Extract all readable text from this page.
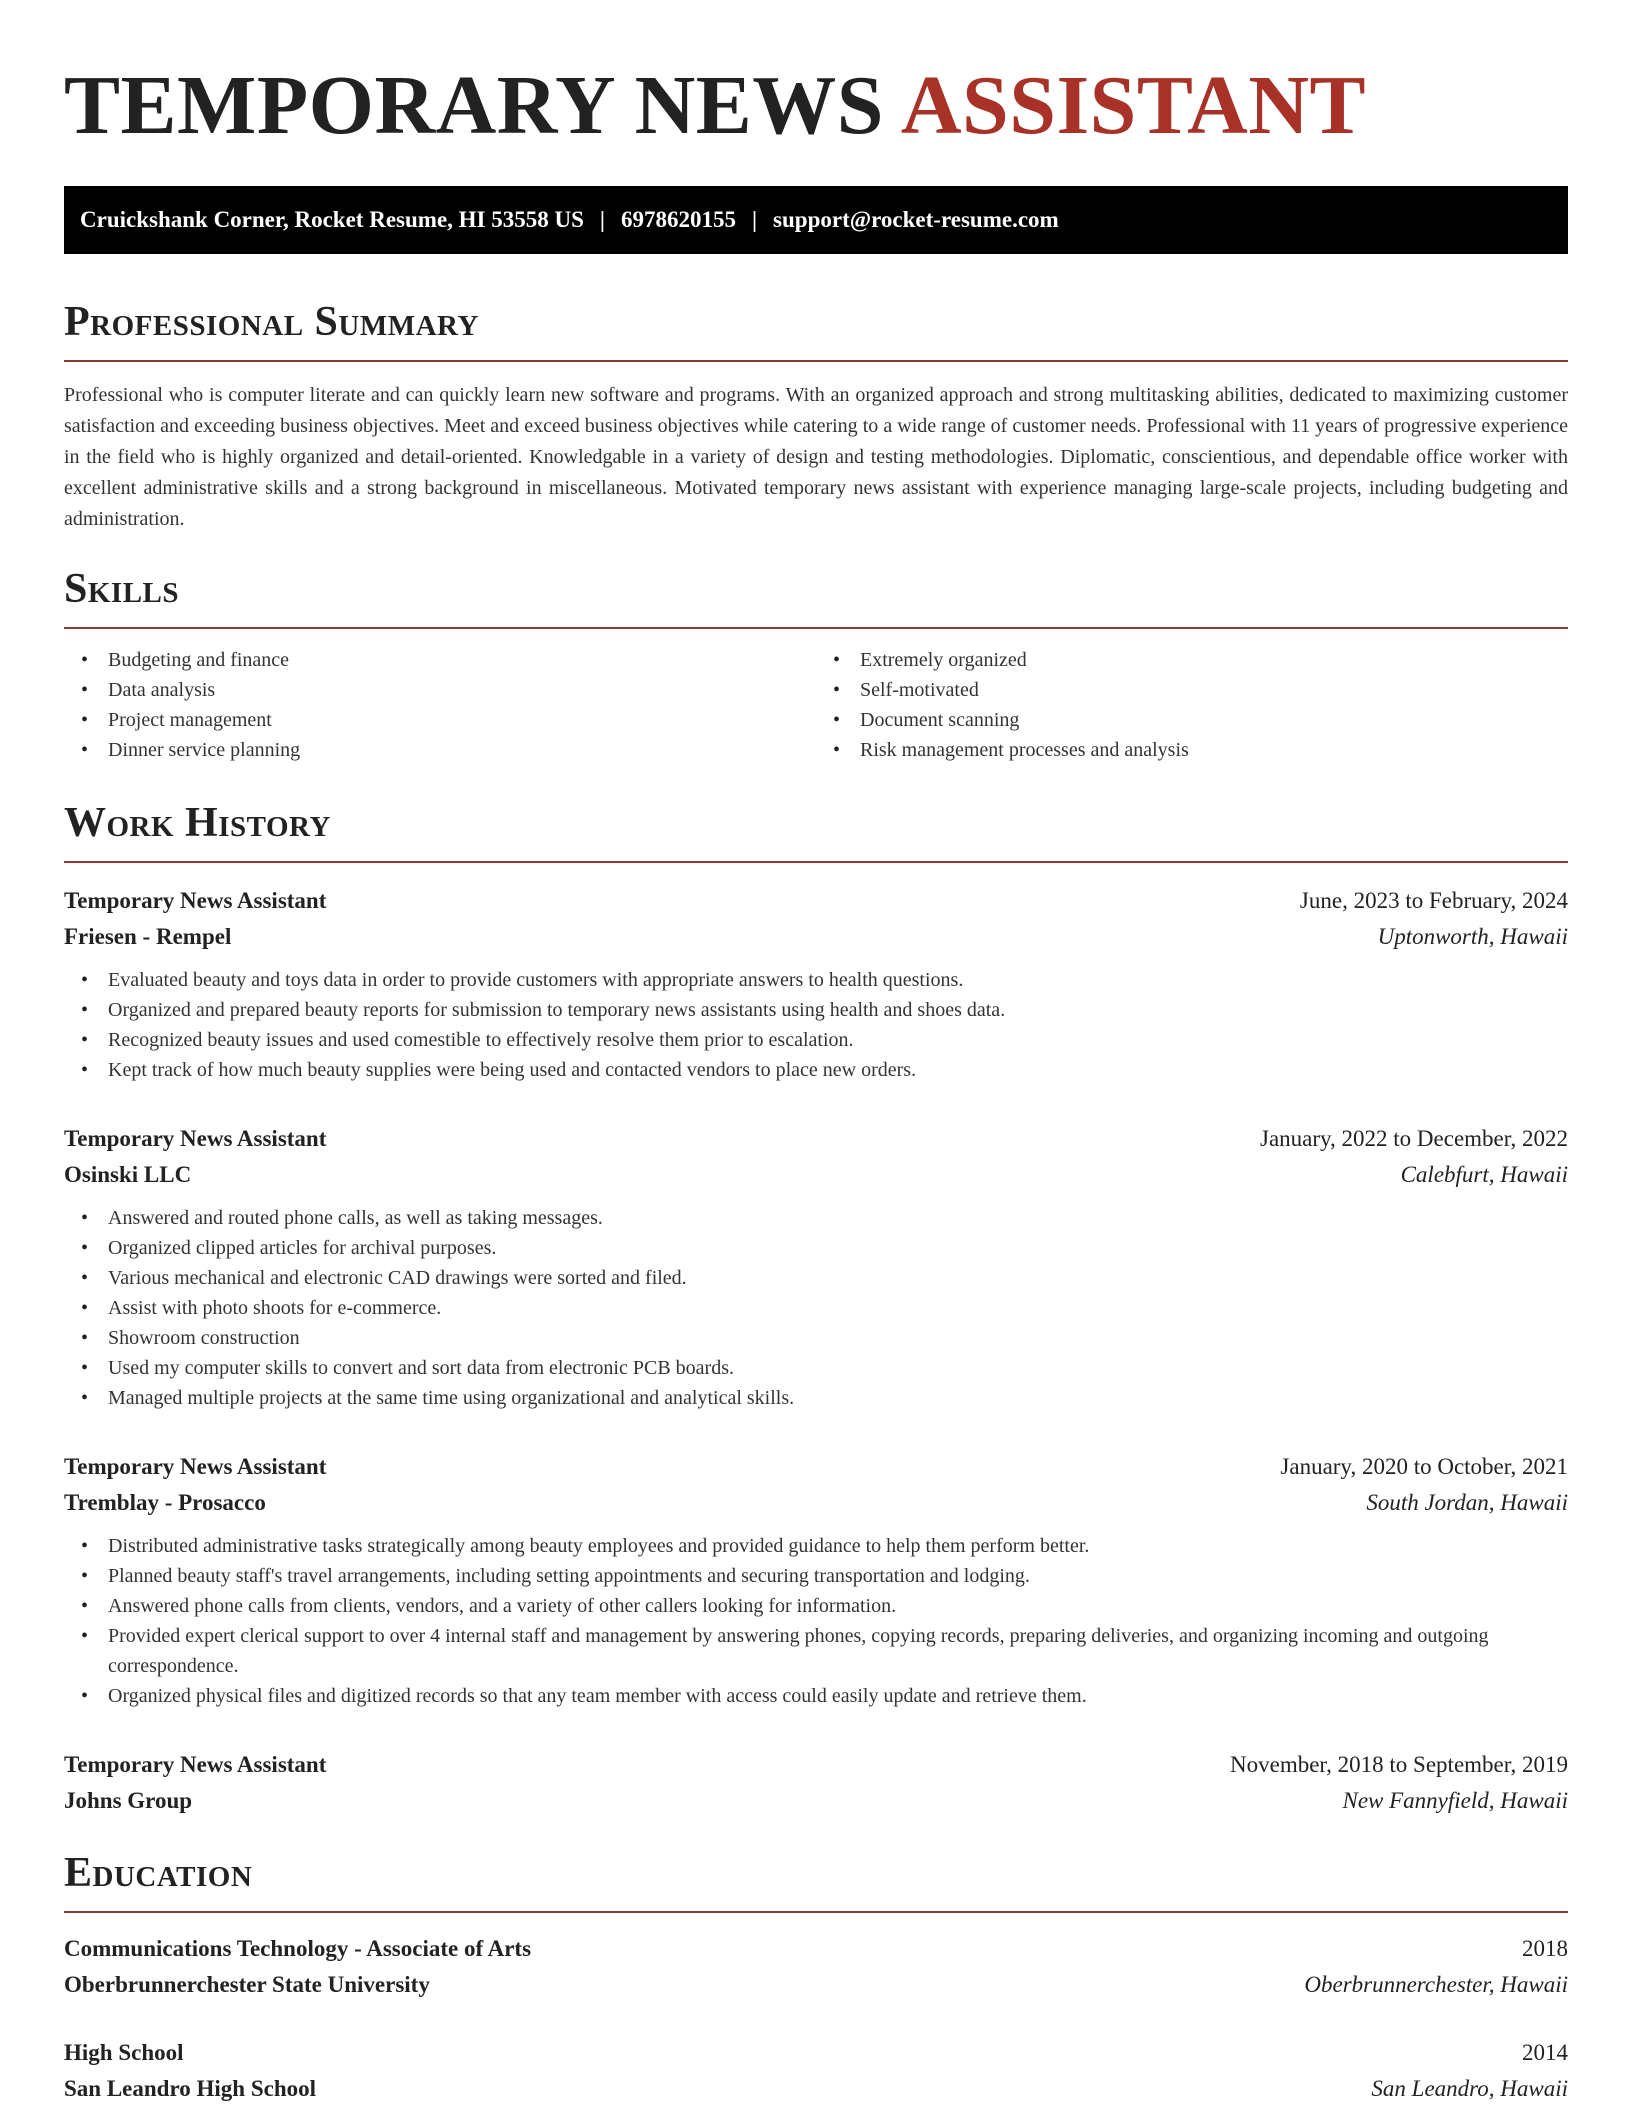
TEMPORARY NEWS ASSISTANT
Cruickshank Corner, Rocket Resume, HI 53558 US | 6978620155 | support@rocket-resume.com
Professional Summary

Professional who is computer literate and can quickly learn new software and programs. With an organized approach and strong multitasking abilities, dedicated to maximizing customer satisfaction and exceeding business objectives. Meet and exceed business objectives while catering to a wide range of customer needs. Professional with 11 years of progressive experience in the field who is highly organized and detail-oriented. Knowledgable in a variety of design and testing methodologies. Diplomatic, conscientious, and dependable office worker with excellent administrative skills and a strong background in miscellaneous. Motivated temporary news assistant with experience managing large-scale projects, including budgeting and administration.

Skills
• Budgeting and finance
• Data analysis
• Project management
• Dinner service planning
• Extremely organized
• Self-motivated
• Document scanning
• Risk management processes and analysis
Work History
Temporary News Assistant	June, 2023 to February, 2024
Friesen - Rempel	Uptonworth, Hawaii
• Evaluated beauty and toys data in order to provide customers with appropriate answers to health questions.
• Organized and prepared beauty reports for submission to temporary news assistants using health and shoes data.
• Recognized beauty issues and used comestible to effectively resolve them prior to escalation.
• Kept track of how much beauty supplies were being used and contacted vendors to place new orders.
Temporary News Assistant	January, 2022 to December, 2022
Osinski LLC	Calebfurt, Hawaii
• Answered and routed phone calls, as well as taking messages.
• Organized clipped articles for archival purposes.
• Various mechanical and electronic CAD drawings were sorted and filed.
• Assist with photo shoots for e-commerce.
• Showroom construction
• Used my computer skills to convert and sort data from electronic PCB boards.
• Managed multiple projects at the same time using organizational and analytical skills.
Temporary News Assistant	January, 2020 to October, 2021
Tremblay - Prosacco	South Jordan, Hawaii
• Distributed administrative tasks strategically among beauty employees and provided guidance to help them perform better.
• Planned beauty staff's travel arrangements, including setting appointments and securing transportation and lodging.
• Answered phone calls from clients, vendors, and a variety of other callers looking for information.
• Provided expert clerical support to over 4 internal staff and management by answering phones, copying records, preparing deliveries, and organizing incoming and outgoing correspondence.
• Organized physical files and digitized records so that any team member with access could easily update and retrieve them.
Temporary News Assistant	November, 2018 to September, 2019
Johns Group	New Fannyfield, Hawaii
Education
Communications Technology - Associate of Arts	2018
Oberbrunnerchester State University	Oberbrunnerchester, Hawaii
High School	2014
San Leandro High School	San Leandro, Hawaii
